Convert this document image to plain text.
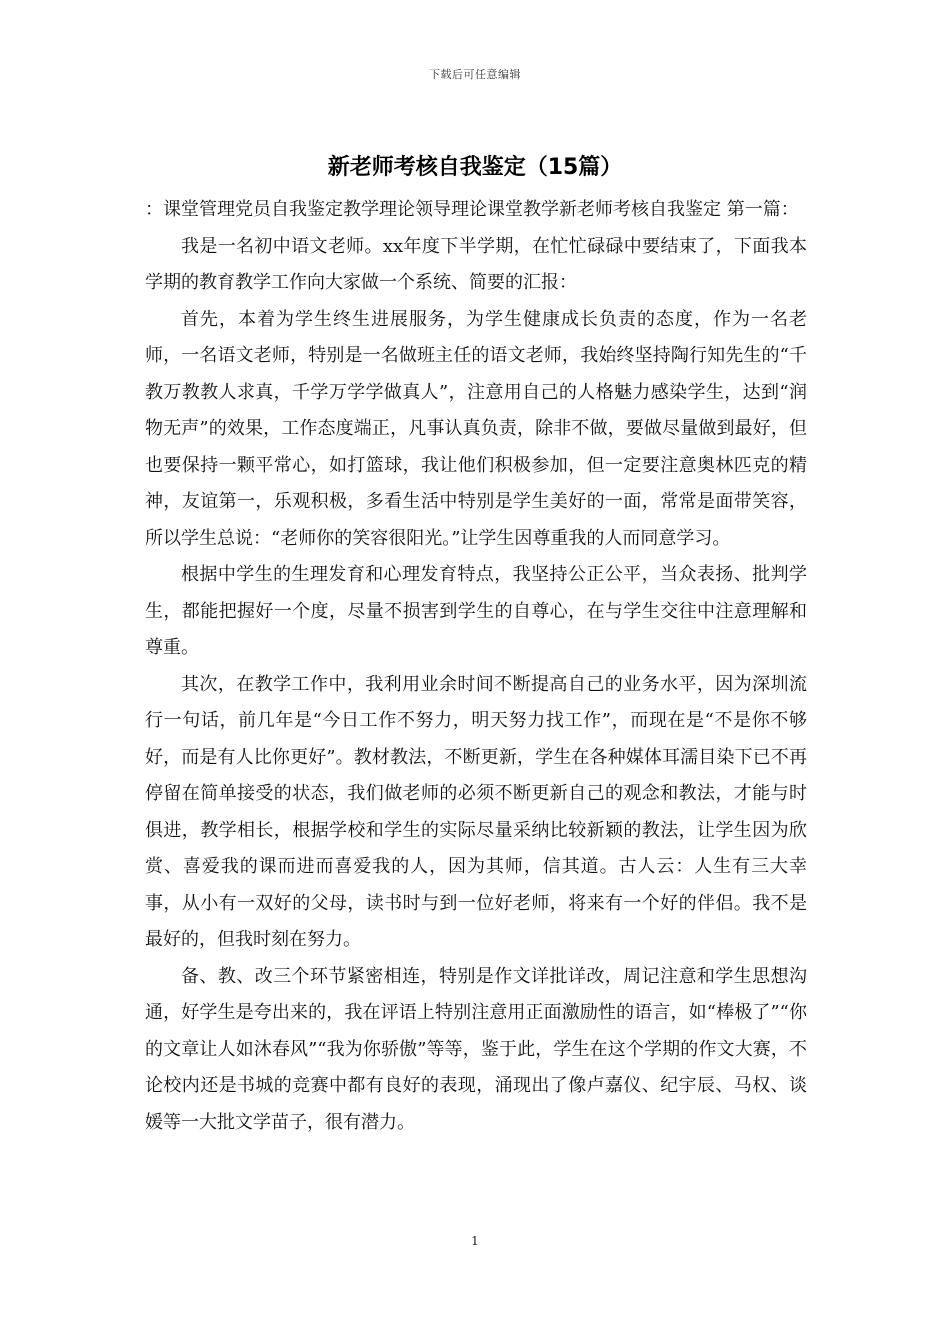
下载后可任意编辑
新老师考核自我鉴定（15篇）

：课堂管理党员自我鉴定教学理论领导理论课堂教学新老师考核自我鉴定 第一篇：

我是一名初中语文老师。xx年度下半学期，在忙忙碌碌中要结束了，下面我本学期的教育教学工作向大家做一个系统、简要的汇报：

首先，本着为学生终生进展服务，为学生健康成长负责的态度，作为一名老师，一名语文老师，特别是一名做班主任的语文老师，我始终坚持陶行知先生的“千教万教教人求真，千学万学学做真人”，注意用自己的人格魅力感染学生，达到“润物无声”的效果，工作态度端正，凡事认真负责，除非不做，要做尽量做到最好，但也要保持一颗平常心，如打篮球，我让他们积极参加，但一定要注意奥林匹克的精神，友谊第一，乐观积极，多看生活中特别是学生美好的一面，常常是面带笑容，所以学生总说：“老师你的笑容很阳光。”让学生因尊重我的人而同意学习。

根据中学生的生理发育和心理发育特点，我坚持公正公平，当众表扬、批判学生，都能把握好一个度，尽量不损害到学生的自尊心，在与学生交往中注意理解和尊重。

其次，在教学工作中，我利用业余时间不断提高自己的业务水平，因为深圳流行一句话，前几年是“今日工作不努力，明天努力找工作”，而现在是“不是你不够好，而是有人比你更好”。教材教法，不断更新，学生在各种媒体耳濡目染下已不再停留在简单接受的状态，我们做老师的必须不断更新自己的观念和教法，才能与时俱进，教学相长，根据学校和学生的实际尽量采纳比较新颖的教法，让学生因为欣赏、喜爱我的课而进而喜爱我的人，因为其师，信其道。古人云：人生有三大幸事，从小有一双好的父母，读书时与到一位好老师，将来有一个好的伴侣。我不是最好的，但我时刻在努力。

备、教、改三个环节紧密相连，特别是作文详批详改，周记注意和学生思想沟通，好学生是夸出来的，我在评语上特别注意用正面激励性的语言，如“棒极了”“你的文章让人如沐春风”“我为你骄傲”等等，鉴于此，学生在这个学期的作文大赛，不论校内还是书城的竞赛中都有良好的表现，涌现出了像卢嘉仪、纪宇辰、马权、谈媛等一大批文学苗子，很有潜力。

1
